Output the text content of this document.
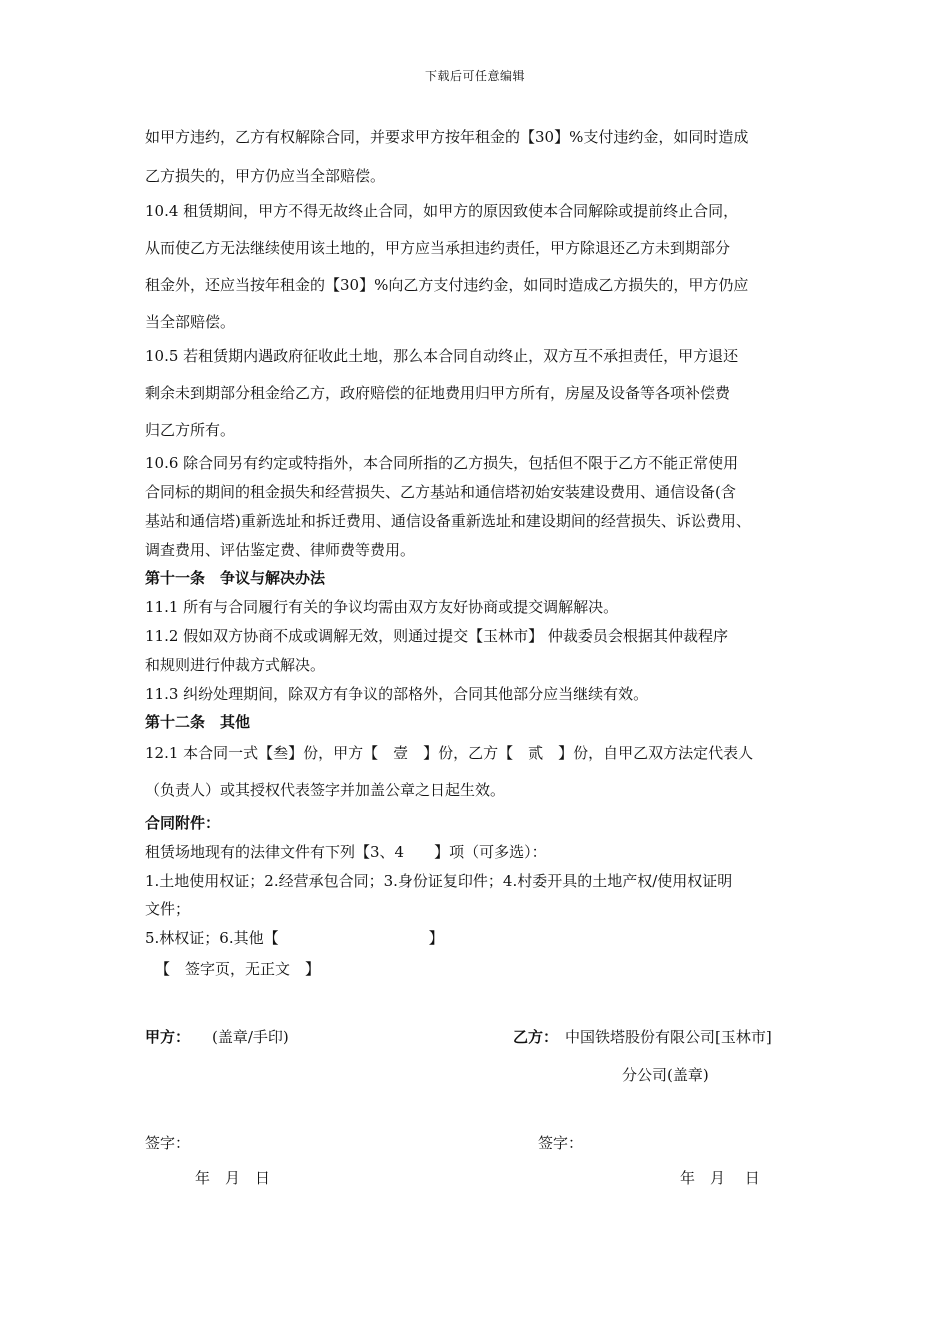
下载后可任意编辑
如甲方违约，乙方有权解除合同，并要求甲方按年租金的【30】%支付违约金，如同时造成
乙方损失的，甲方仍应当全部赔偿。
10.4 租赁期间，甲方不得无故终止合同，如甲方的原因致使本合同解除或提前终止合同，
从而使乙方无法继续使用该土地的，甲方应当承担违约责任，甲方除退还乙方未到期部分
租金外，还应当按年租金的【30】%向乙方支付违约金，如同时造成乙方损失的，甲方仍应
当全部赔偿。
10.5 若租赁期内遇政府征收此土地，那么本合同自动终止，双方互不承担责任，甲方退还
剩余未到期部分租金给乙方，政府赔偿的征地费用归甲方所有，房屋及设备等各项补偿费
归乙方所有。
10.6 除合同另有约定或特指外，本合同所指的乙方损失，包括但不限于乙方不能正常使用
合同标的期间的租金损失和经营损失、乙方基站和通信塔初始安装建设费用、通信设备(含
基站和通信塔)重新选址和拆迁费用、通信设备重新选址和建设期间的经营损失、诉讼费用、
调查费用、评估鉴定费、律师费等费用。
第十一条　争议与解决办法
11.1 所有与合同履行有关的争议均需由双方友好协商或提交调解解决。
11.2 假如双方协商不成或调解无效，则通过提交【玉林市】 仲裁委员会根据其仲裁程序
和规则进行仲裁方式解决。
11.3 纠纷处理期间，除双方有争议的部格外，合同其他部分应当继续有效。
第十二条　其他
12.1 本合同一式【叁】份，甲方【　壹　】份，乙方【　贰　】份，自甲乙双方法定代表人
（负责人）或其授权代表签字并加盖公章之日起生效。
合同附件：
租赁场地现有的法律文件有下列【3、4　　】项（可多选）：
1.土地使用权证；2.经营承包合同；3.身份证复印件；4.村委开具的土地产权/使用权证明
文件；
5.林权证；6.其他【　　　　　　　　　　】
【　签字页，无正文　】
甲方： (盖章/手印)	乙方： 中国铁塔股份有限公司[玉林市]
分公司(盖章)
签字：	签字：
年　月　日	年　月　 日
